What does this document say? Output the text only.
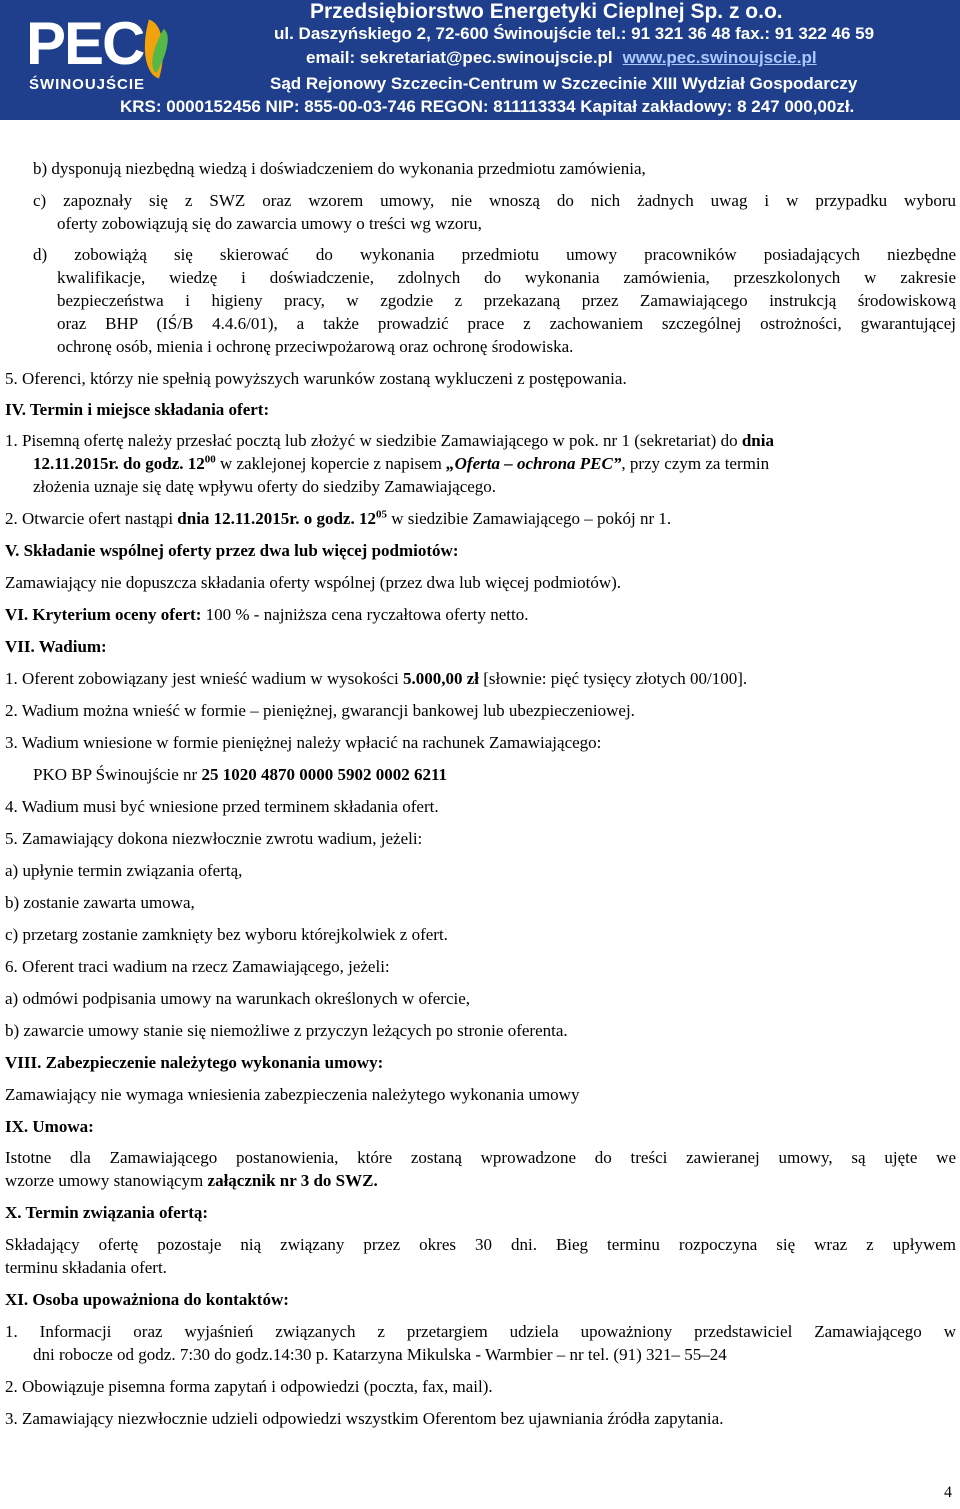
PEC
ŚWINOUJŚCIE
Przedsiębiorstwo Energetyki Cieplnej Sp. z o.o.
ul. Daszyńskiego 2, 72-600 Świnoujście tel.: 91 321 36 48 fax.: 91 322 46 59
email: sekretariat@pec.swinoujscie.pl www.pec.swinoujscie.pl
Sąd Rejonowy Szczecin-Centrum w Szczecinie XIII Wydział Gospodarczy
KRS: 0000152456 NIP: 855-00-03-746 REGON: 811113334 Kapitał zakładowy: 8 247 000,00zł.
b) dysponują niezbędną wiedzą i doświadczeniem do wykonania przedmiotu zamówienia,
c) zapoznały się z SWZ oraz wzorem umowy, nie wnoszą do nich żadnych uwag i w przypadku wyboru
oferty zobowiązują się do zawarcia umowy o treści wg wzoru,
d) zobowiążą się skierować do wykonania przedmiotu umowy pracowników posiadających niezbędne
kwalifikacje, wiedzę i doświadczenie, zdolnych do wykonania zamówienia, przeszkolonych w zakresie
bezpieczeństwa i higieny pracy, w zgodzie z przekazaną przez Zamawiającego instrukcją środowiskową
oraz BHP (IŚ/B 4.4.6/01), a także prowadzić prace z zachowaniem szczególnej ostrożności, gwarantującej
ochronę osób, mienia i ochronę przeciwpożarową oraz ochronę środowiska.
5. Oferenci, którzy nie spełnią powyższych warunków zostaną wykluczeni z postępowania.
IV. Termin i miejsce składania ofert:
1. Pisemną ofertę należy przesłać pocztą lub złożyć w siedzibie Zamawiającego w pok. nr 1 (sekretariat) do dnia
12.11.2015r. do godz. $12^{00}$ w zaklejonej kopercie z napisem „Oferta – ochrona PEC”, przy czym za termin
złożenia uznaje się datę wpływu oferty do siedziby Zamawiającego.
2. Otwarcie ofert nastąpi dnia 12.11.2015r. o godz. $12^{05}$ w siedzibie Zamawiającego – pokój nr 1.
V. Składanie wspólnej oferty przez dwa lub więcej podmiotów:
Zamawiający nie dopuszcza składania oferty wspólnej (przez dwa lub więcej podmiotów).
VI. Kryterium oceny ofert: 100 % - najniższa cena ryczałtowa oferty netto.
VII. Wadium:
1. Oferent zobowiązany jest wnieść wadium w wysokości 5.000,00 zł [słownie: pięć tysięcy złotych 00/100].
2. Wadium można wnieść w formie – pieniężnej, gwarancji bankowej lub ubezpieczeniowej.
3. Wadium wniesione w formie pieniężnej należy wpłacić na rachunek Zamawiającego:
PKO BP Świnoujście nr 25 1020 4870 0000 5902 0002 6211
4. Wadium musi być wniesione przed terminem składania ofert.
5. Zamawiający dokona niezwłocznie zwrotu wadium, jeżeli:
a) upłynie termin związania ofertą,
b) zostanie zawarta umowa,
c) przetarg zostanie zamknięty bez wyboru którejkolwiek z ofert.
6. Oferent traci wadium na rzecz Zamawiającego, jeżeli:
a) odmówi podpisania umowy na warunkach określonych w ofercie,
b) zawarcie umowy stanie się niemożliwe z przyczyn leżących po stronie oferenta.
VIII. Zabezpieczenie należytego wykonania umowy:
Zamawiający nie wymaga wniesienia zabezpieczenia należytego wykonania umowy
IX. Umowa:
Istotne dla Zamawiającego postanowienia, które zostaną wprowadzone do treści zawieranej umowy, są ujęte we
wzorze umowy stanowiącym załącznik nr 3 do SWZ.
X. Termin związania ofertą:
Składający ofertę pozostaje nią związany przez okres 30 dni. Bieg terminu rozpoczyna się wraz z upływem
terminu składania ofert.
XI. Osoba upoważniona do kontaktów:
1. Informacji oraz wyjaśnień związanych z przetargiem udziela upoważniony przedstawiciel Zamawiającego w
dni robocze od godz. 7:30 do godz.14:30 p. Katarzyna Mikulska - Warmbier – nr tel. (91) 321– 55–24
2. Obowiązuje pisemna forma zapytań i odpowiedzi (poczta, fax, mail).
3. Zamawiający niezwłocznie udzieli odpowiedzi wszystkim Oferentom bez ujawniania źródła zapytania.
4
